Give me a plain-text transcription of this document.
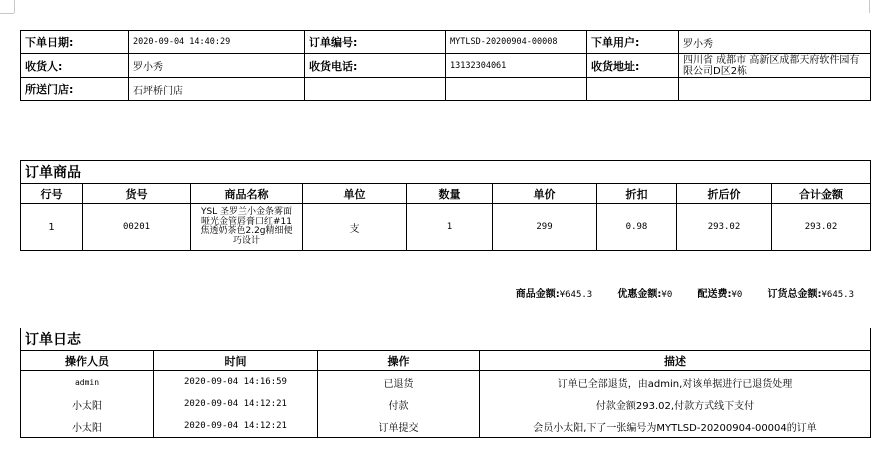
下单日期:	2020-09-04 14:40:29	订单编号:	MYTLSD-20200904-00008	下单用户:	罗小秀
收货人:	罗小秀	收货电话:	13132304061	收货地址:	四川省 成都市 高新区成都天府软件园有限公司D区2栋
所送门店:	石坪桥门店				
订单商品								
行号	货号	商品名称	单位	数量	单价	折扣	折后价	合计金额
1	00201	YSL 圣罗兰小金条雾面哑光金管唇膏口红#11 焦透奶茶色2.2g精细便巧设计	支	1	299	0.98	293.02	293.02
商品金额:¥645.3	优惠金额:¥0	配送费:¥0	订货总金额:¥645.3
订单日志			
操作人员	时间	操作	描述
admin	2020-09-04 14:16:59	已退货	订单已全部退货，由admin,对该单据进行已退货处理
小太阳	2020-09-04 14:12:21	付款	付款金额293.02,付款方式线下支付
小太阳	2020-09-04 14:12:21	订单提交	会员小太阳,下了一张编号为MYTLSD-20200904-00004的订单
